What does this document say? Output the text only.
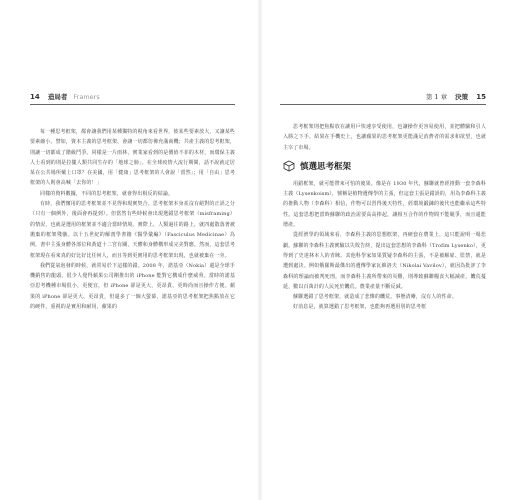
14 造局者 Framers

每一種思考框架，都會讓我們用某種獨特的視角來看世界，彼某些要素放大，又讓某些要素縮小。譬如，資本主義的思考框架，會讓一切都彷彿充滿商機；共產主義的思考框架，則讓一切都成了階級鬥爭。同樣是一片雨林，實業家看到的是價值不菲的木材，而環保主義人士看到的則是拉攏人類共同生存的「地球之肺」。在全球疫情大流行期間，話不說就定居某在公共場所戴上口罩？在美國，用「健康」思考框架的人會說「當然」；用「自由」思考框架的人則會高喊「去你的！」

同樣的資料數據，不同的思考框架，就會得出相反的結論。

有時，我們懷用的思考框架並不見得和現實契合。思考框架本身並沒有絕對的正誤之分（只有一個例外，後面會再提到）。但當然有些時候會出現選錯思考框架（misframing）的情況，也就是選用的框架並不適合當時情境。實際上，人類過往的路上，就四處散落著被拋棄的框架殘骸。以十五世紀的解剖學書籍《醫學彙編》（Fasciculus Medicinae）為例，書中主張身體各部位和黃道十二宮有關，天體和身體構形成完美對應。然而，這套思考框架現在看來真的好比好比任何人，而且等到更實用的思考框架出現，也就被棄在一旁。

我們從氣泡發的時候，就常易於下這樣的錯。2008 年，諾基亞（Nokia）還是全球手機銷售的龍頭，很少人覺得蘋果公司剛推出的 iPhone 能對它構成什麼威脅。當時的諾基亞思考機種市場很小，更便宜，但 iPhone 卻是更大，更昂貴、更時尚而且操作方便。蘋果的 iPhone 卻是更大、更昂貴，但還多了一個大螢幕，諾基亞的思考框架把焦點放在它的硬件，重視的是實用和耐用，蘋果的

第 1 章 決策 15

思考框架則把焦點放在讓用戶快速享受使用，也讓操作更容易使用，並把體驗和引人入勝之下手。結果在手機史上，也讓蘋果的思考框架更能滿足消費者的需求和欲望，也就主宰了市場。

慎選思考框架

用錯框架，就可能帶來可怕的後果。像是在 1930 年代，蘇聯就曾經推動一套李森科主義（Lysenkoism），號稱是植物遺傳學的主張，但這套主張是錯誤的，用為李森科主義的推動人物（李森科）相信，作物可以習得後天特性，經環境鍛鍊的後代也能繼承這些特性。這套思想把當時蘇聯的政治需要高高捧起，讓相互合作的作物間不能競爭，而且還能增產。

從經濟學的領域來看，李森科主義的思想框架，再硬套在農業上，這只能說明一場悲劇。蘇聯的李森科主義實驗以失敗告終，提出這套思想的李森科（Trofim Lysenko），更得到了史達林本人的青睞。其他科學家如果質疑李森科的主張，不是被解雇、監禁，就是遭到處決。例如俄羅斯最傑出的遺傳學家瓦維洛夫（Nikolai Vavilov），就因為批評了李森科的理論而被判死刑。而李森科主義所帶來的災難，則導致蘇聯糧食大幅減產，饑荒蔓延，數以百萬計的人民死於饑荒。農業產量不斷反減。

蘇聯選錯了思考框架，就造成了悲慘的饑荒。事態清晰，沒有人的性命。

好消息是，就算選錯了思考框架，也能夠再選用別的思考框
